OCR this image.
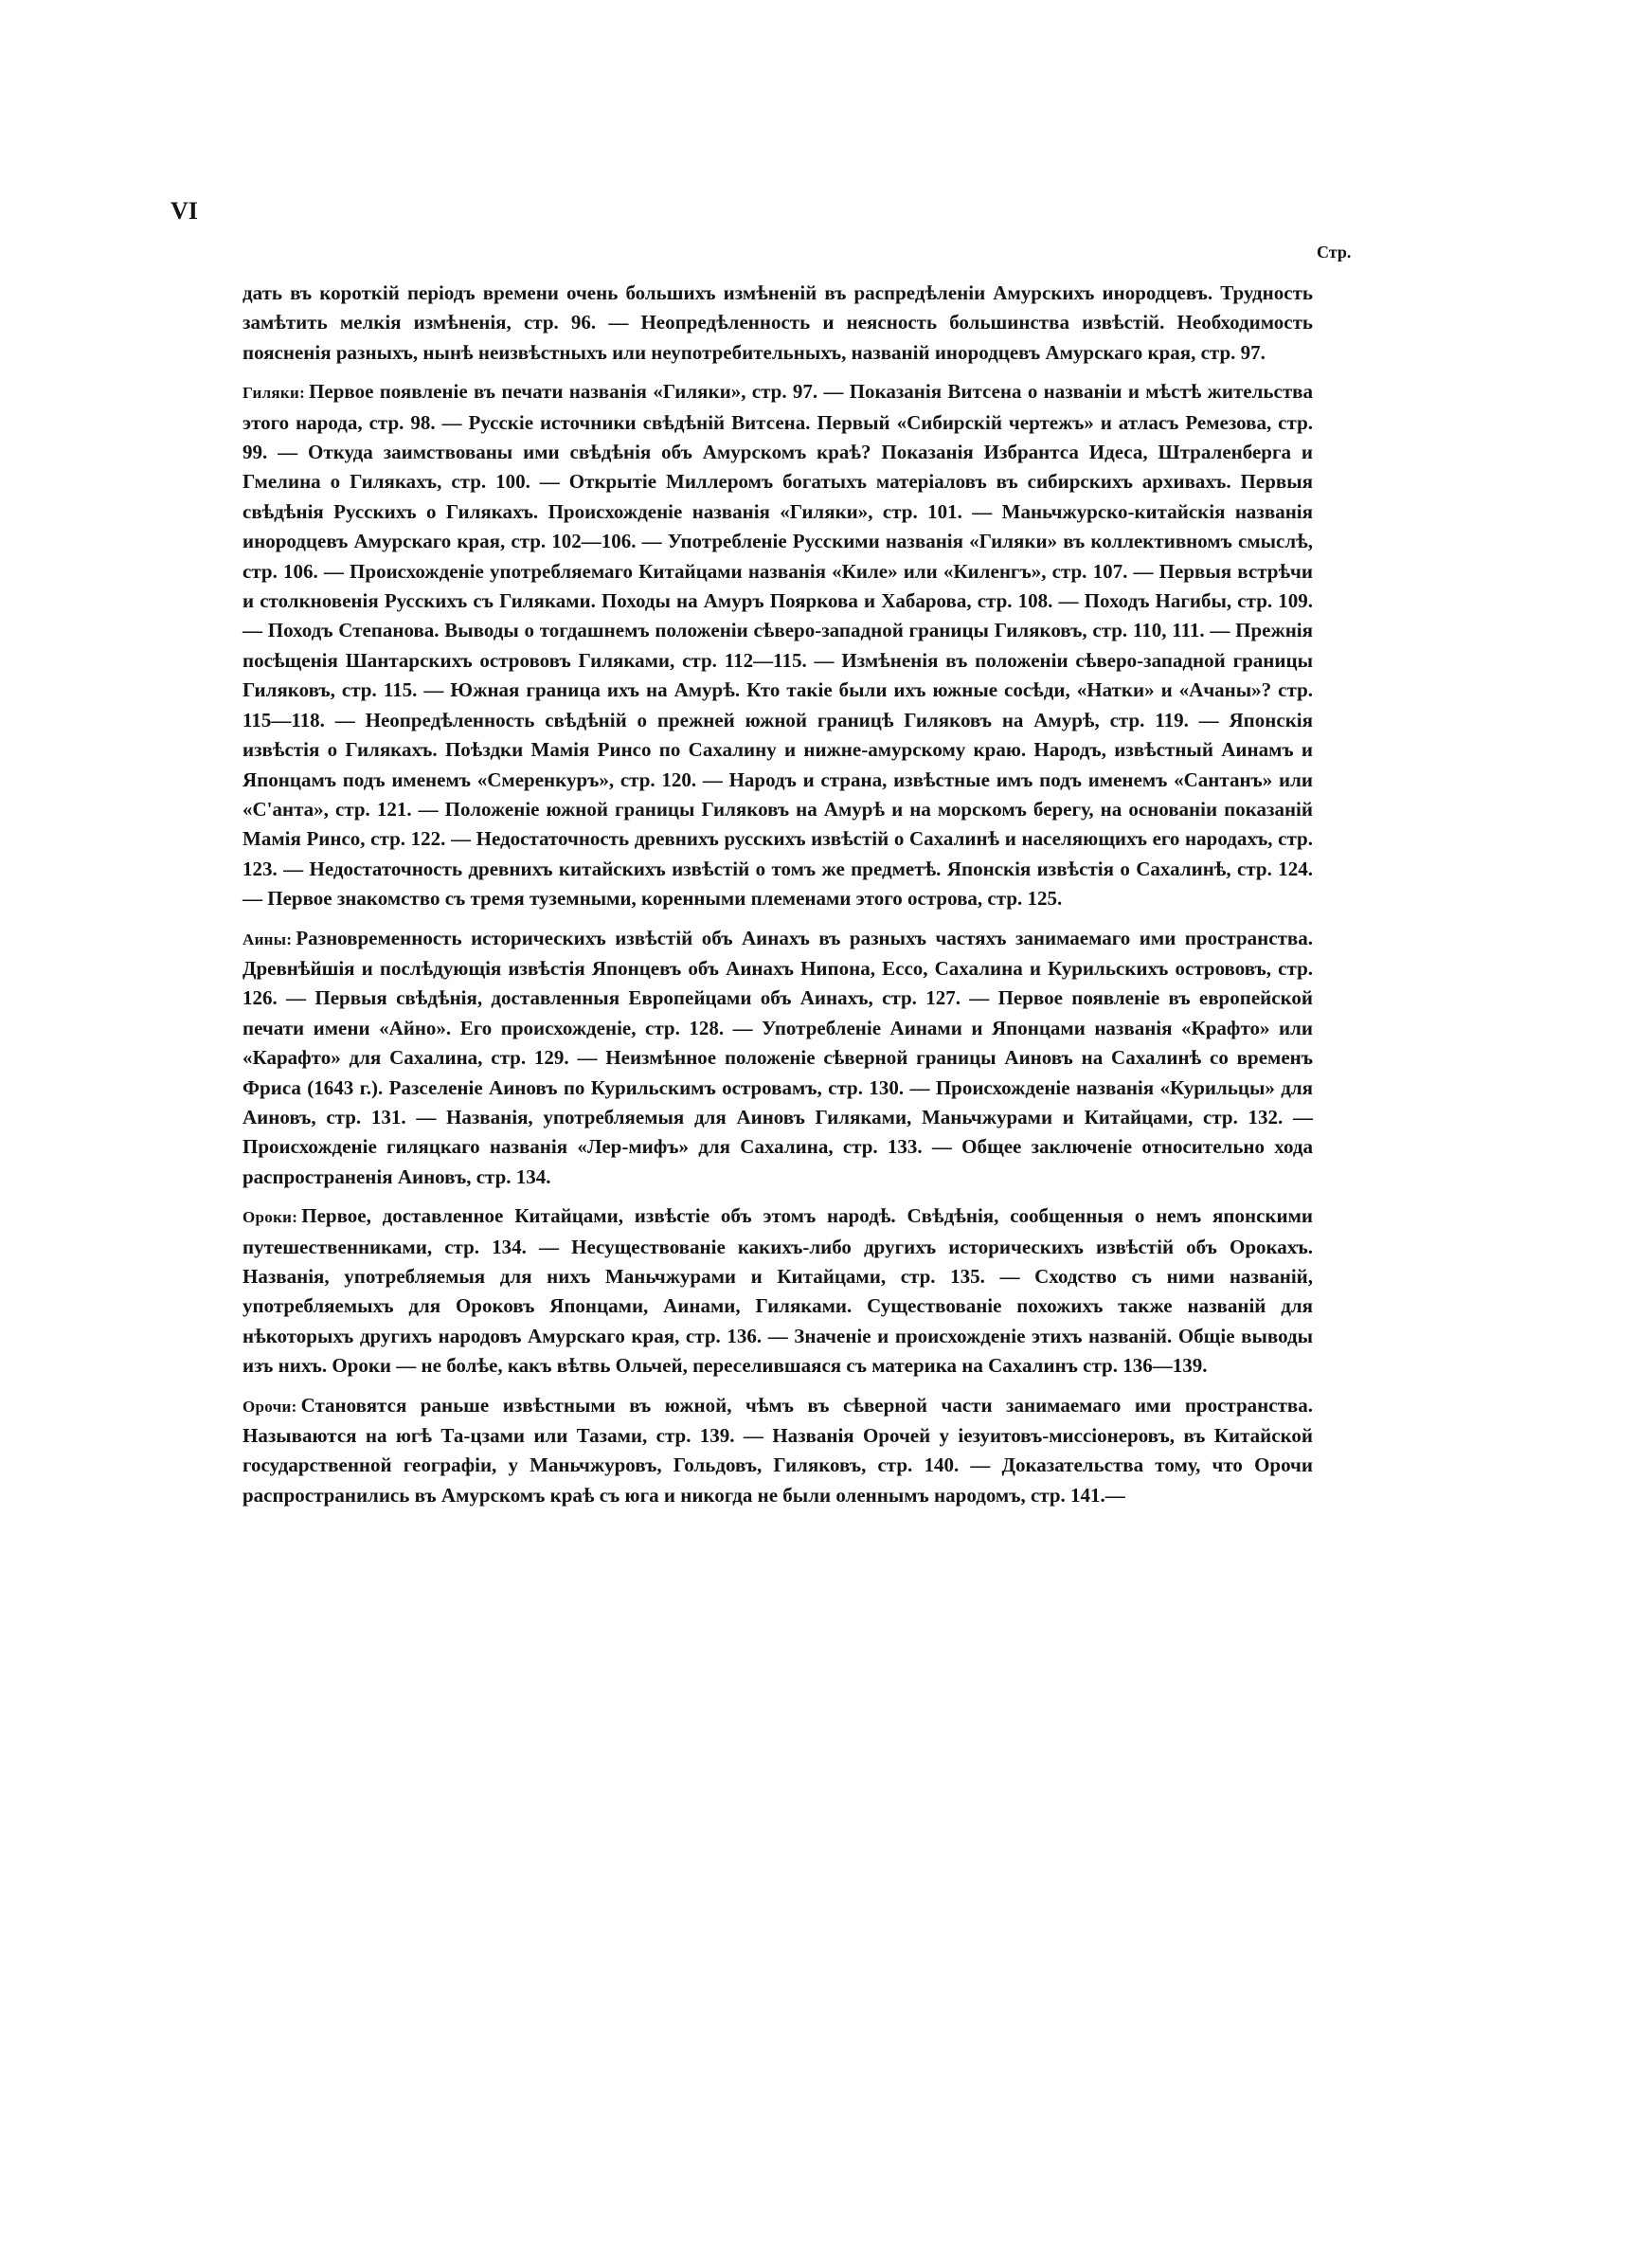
VI
Стр.

дать въ короткій періодъ времени очень большихъ измѣненій въ распредѣленіи Амурскихъ инородцевъ. Трудность замѣтить мелкія измѣненія, стр. 96. — Неопредѣленность и неясность большинства извѣстій. Необходимость поясненія разныхъ, нынѣ неизвѣстныхъ или неупотребительныхъ, названій инородцевъ Амурскаго края, стр. 97.

Гиляки: Первое появленіе въ печати названія «Гиляки», стр. 97. — Показанія Витсена о названіи и мѣстѣ жительства этого народа, стр. 98. — Русскіе источники свѣдѣній Витсена. Первый «Сибирскій чертежъ» и атласъ Ремезова, стр. 99. — Откуда заимствованы ими свѣдѣнія объ Амурскомъ краѣ? Показанія Избрантса Идеса, Штраленберга и Гмелина о Гилякахъ, стр. 100. — Открытіе Миллеромъ богатыхъ матеріаловъ въ сибирскихъ архивахъ. Первыя свѣдѣнія Русскихъ о Гилякахъ. Происхожденіе названія «Гиляки», стр. 101. — Маньчжурско-китайскія названія инородцевъ Амурскаго края, стр. 102—106. — Употребленіе Русскими названія «Гиляки» въ коллективномъ смыслѣ, стр. 106. — Происхожденіе употребляемаго Китайцами названія «Киле» или «Киленгъ», стр. 107. — Первыя встрѣчи и столкновенія Русскихъ съ Гиляками. Походы на Амуръ Пояркова и Хабарова, стр. 108. — Походъ Нагибы, стр. 109. — Походъ Степанова. Выводы о тогдашнемъ положеніи сѣверо-западной границы Гиляковъ, стр. 110, 111. — Прежнія посѣщенія Шантарскихъ острововъ Гиляками, стр. 112—115. — Измѣненія въ положеніи сѣверо-западной границы Гиляковъ, стр. 115. — Южная граница ихъ на Амурѣ. Кто такіе были ихъ южные сосѣди, «Натки» и «Ачаны»? стр. 115—118. — Неопредѣленность свѣдѣній о прежней южной границѣ Гиляковъ на Амурѣ, стр. 119. — Японскія извѣстія о Гилякахъ. Поѣздки Мамія Ринсо по Сахалину и нижне-амурскому краю. Народъ, извѣстный Аинамъ и Японцамъ подъ именемъ «Смеренкуръ», стр. 120. — Народъ и страна, извѣстные имъ подъ именемъ «Сантанъ» или «С'анта», стр. 121. — Положеніе южной границы Гиляковъ на Амурѣ и на морскомъ берегу, на основаніи показаній Мамія Ринсо, стр. 122. — Недостаточность древнихъ русскихъ извѣстій о Сахалинѣ и населяющихъ его народахъ, стр. 123. — Недостаточность древнихъ китайскихъ извѣстій о томъ же предметѣ. Японскія извѣстія о Сахалинѣ, стр. 124. — Первое знакомство съ тремя туземными, коренными племенами этого острова, стр. 125.

Аины: Разновременность историческихъ извѣстій объ Аинахъ въ разныхъ частяхъ занимаемаго ими пространства. Древнѣйшія и послѣдующія извѣстія Японцевъ объ Аинахъ Нипона, Ессо, Сахалина и Курильскихъ острововъ, стр. 126. — Первыя свѣдѣнія, доставленныя Европейцами объ Аинахъ, стр. 127. — Первое появленіе въ европейской печати имени «Айно». Его происхожденіе, стр. 128. — Употребленіе Аинами и Японцами названія «Крафто» или «Карафто» для Сахалина, стр. 129. — Неизмѣнное положеніе сѣверной границы Аиновъ на Сахалинѣ со временъ Фриса (1643 г.). Разселеніе Аиновъ по Курильскимъ островамъ, стр. 130. — Происхожденіе названія «Курильцы» для Аиновъ, стр. 131. — Названія, употребляемыя для Аиновъ Гиляками, Маньчжурами и Китайцами, стр. 132. — Происхожденіе гиляцкаго названія «Лер-мифъ» для Сахалина, стр. 133. — Общее заключеніе относительно хода распространенія Аиновъ, стр. 134.

Ороки: Первое, доставленное Китайцами, извѣстіе объ этомъ народѣ. Свѣдѣнія, сообщенныя о немъ японскими путешественниками, стр. 134. — Несуществованіе какихъ-либо другихъ историческихъ извѣстій объ Орокахъ. Названія, употребляемыя для нихъ Маньчжурами и Китайцами, стр. 135. — Сходство съ ними названій, употребляемыхъ для Ороковъ Японцами, Аинами, Гиляками. Существованіе похожихъ также названій для нѣкоторыхъ другихъ народовъ Амурскаго края, стр. 136. — Значеніе и происхожденіе этихъ названій. Общіе выводы изъ нихъ. Ороки — не болѣе, какъ вѣтвь Ольчей, переселившаяся съ материка на Сахалинъ стр. 136—139.

Орочи: Становятся раньше извѣстными въ южной, чѣмъ въ сѣверной части занимаемаго ими пространства. Называются на югѣ Та-цзами или Тазами, стр. 139. — Названія Орочей у іезуитовъ-миссіонеровъ, въ Китайской государственной географіи, у Маньчжуровъ, Гольдовъ, Гиляковъ, стр. 140. — Доказательства тому, что Орочи распространились въ Амурскомъ краѣ съ юга и никогда не были оленнымъ народомъ, стр. 141.—
